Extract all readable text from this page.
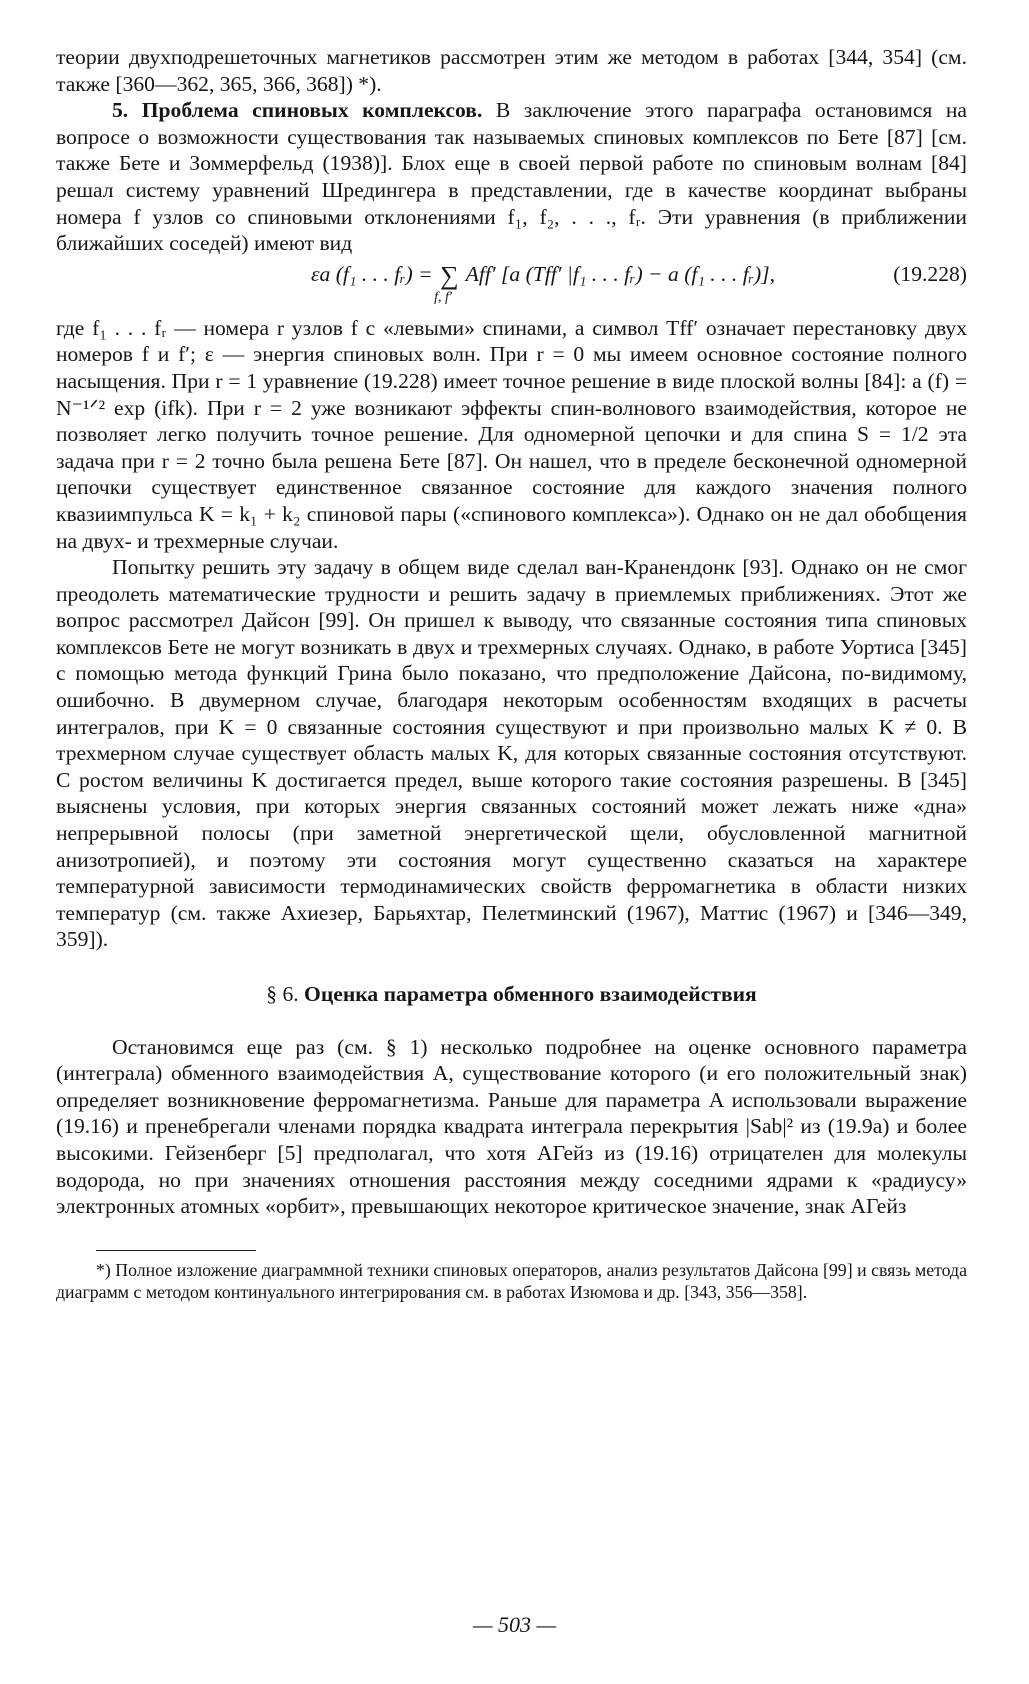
теории двухподрешеточных магнетиков рассмотрен этим же методом в работах [344, 354] (см. также [360—362, 365, 366, 368]) *).

5. Проблема спиновых комплексов. В заключение этого параграфа остановимся на вопросе о возможности существования так называемых спиновых комплексов по Бете [87] [см. также Бете и Зоммерфельд (1938)]. Блох еще в своей первой работе по спиновым волнам [84] решал систему уравнений Шредингера в представлении, где в качестве координат выбраны номера f узлов со спиновыми отклонениями f₁, f₂, . . ., fᵣ. Эти уравнения (в приближении ближайших соседей) имеют вид

εa (f₁ . . . fᵣ) = ∑
f, f′
Aff′ [a (Tff′ |f₁ . . . fᵣ) − a (f₁ . . . fᵣ)],	(19.228)

где f₁ . . . fᵣ — номера r узлов f с «левыми» спинами, а символ Tff′ означает перестановку двух номеров f и f′; ε — энергия спиновых волн. При r = 0 мы имеем основное состояние полного насыщения. При r = 1 уравнение (19.228) имеет точное решение в виде плоской волны [84]: a (f) = N⁻¹ᐟ² exp (ifk). При r = 2 уже возникают эффекты спин-волнового взаимодействия, которое не позволяет легко получить точное решение. Для одномерной цепочки и для спина S = 1/2 эта задача при r = 2 точно была решена Бете [87]. Он нашел, что в пределе бесконечной одномерной цепочки существует единственное связанное состояние для каждого значения полного квазиимпульса K = k₁ + k₂ спиновой пары («спинового комплекса»). Однако он не дал обобщения на двух- и трехмерные случаи.

Попытку решить эту задачу в общем виде сделал ван-Кранендонк [93]. Однако он не смог преодолеть математические трудности и решить задачу в приемлемых приближениях. Этот же вопрос рассмотрел Дайсон [99]. Он пришел к выводу, что связанные состояния типа спиновых комплексов Бете не могут возникать в двух и трехмерных случаях. Однако, в работе Уортиса [345] с помощью метода функций Грина было показано, что предположение Дайсона, по-видимому, ошибочно. В двумерном случае, благодаря некоторым особенностям входящих в расчеты интегралов, при K = 0 связанные состояния существуют и при произвольно малых K ≠ 0. В трехмерном случае существует область малых K, для которых связанные состояния отсутствуют. С ростом величины K достигается предел, выше которого такие состояния разрешены. В [345] выяснены условия, при которых энергия связанных состояний может лежать ниже «дна» непрерывной полосы (при заметной энергетической щели, обусловленной магнитной анизотропией), и поэтому эти состояния могут существенно сказаться на характере температурной зависимости термодинамических свойств ферромагнетика в области низких температур (см. также Ахиезер, Барьяхтар, Пелетминский (1967), Маттис (1967) и [346—349, 359]).

§ 6. Оценка параметра обменного взаимодействия

Остановимся еще раз (см. § 1) несколько подробнее на оценке основного параметра (интеграла) обменного взаимодействия A, существование которого (и его положительный знак) определяет возникновение ферромагнетизма. Раньше для параметра A использовали выражение (19.16) и пренебрегали членами порядка квадрата интеграла перекрытия |Sab|² из (19.9а) и более высокими. Гейзенберг [5] предполагал, что хотя AГейз из (19.16) отрицателен для молекулы водорода, но при значениях отношения расстояния между соседними ядрами к «радиусу» электронных атомных «орбит», превышающих некоторое критическое значение, знак AГейз

*) Полное изложение диаграммной техники спиновых операторов, анализ результатов Дайсона [99] и связь метода диаграмм с методом континуального интегрирования см. в работах Изюмова и др. [343, 356—358].

— 503 —
